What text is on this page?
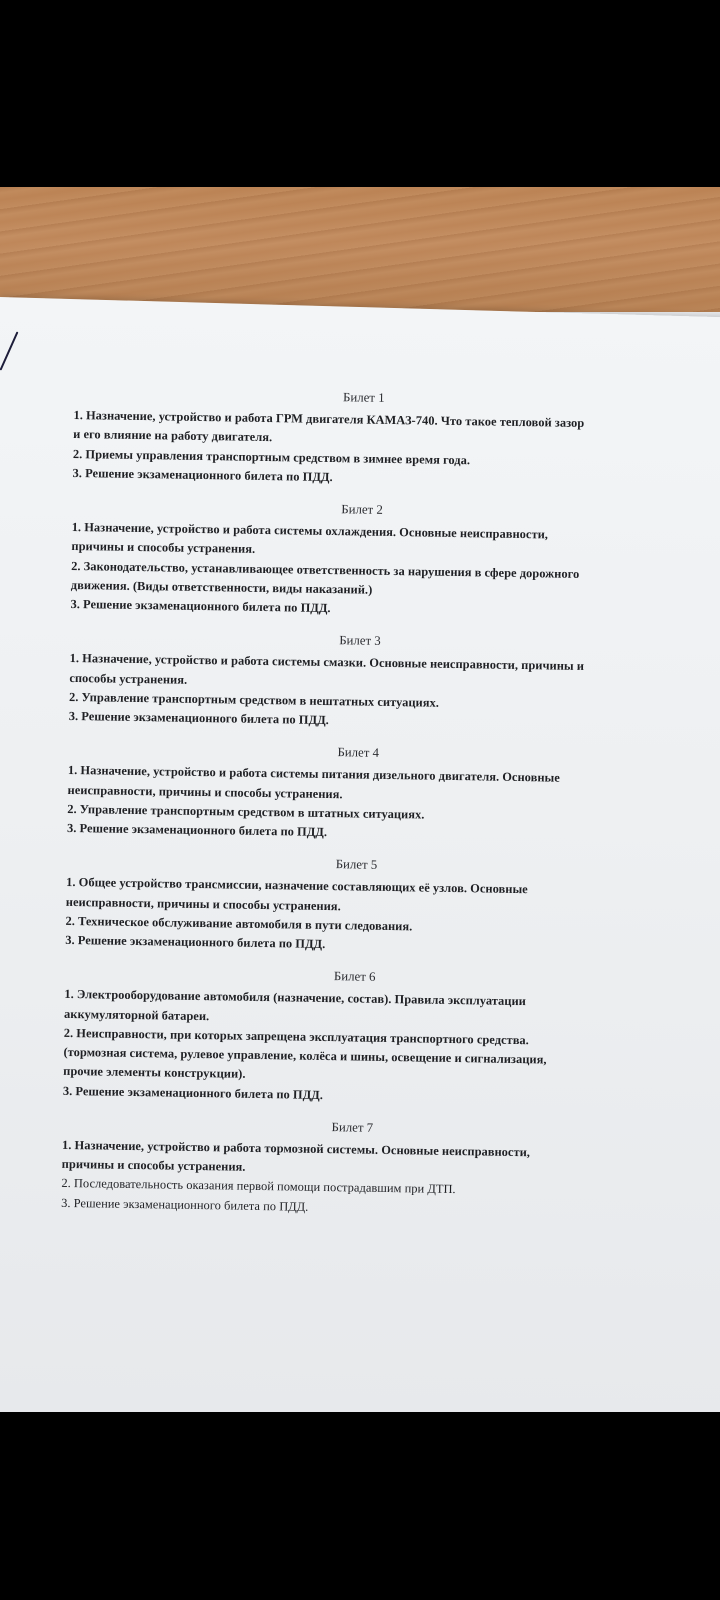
Билет 1

1. Назначение, устройство и работа ГРМ двигателя КАМАЗ-740. Что такое тепловой зазор

и его влияние на работу двигателя.

2. Приемы управления транспортным средством в зимнее время года.

3. Решение экзаменационного билета по ПДД.

Билет 2

1. Назначение, устройство и работа системы охлаждения. Основные неисправности,

причины и способы устранения.

2. Законодательство, устанавливающее ответственность за нарушения в сфере дорожного

движения. (Виды ответственности, виды наказаний.)

3. Решение экзаменационного билета по ПДД.

Билет 3

1. Назначение, устройство и работа системы смазки. Основные неисправности, причины и

способы устранения.

2. Управление транспортным средством в нештатных ситуациях.

3. Решение экзаменационного билета по ПДД.

Билет 4

1. Назначение, устройство и работа системы питания дизельного двигателя. Основные

неисправности, причины и способы устранения.

2. Управление транспортным средством в штатных ситуациях.

3. Решение экзаменационного билета по ПДД.

Билет 5

1. Общее устройство трансмиссии, назначение составляющих её узлов. Основные

неисправности, причины и способы устранения.

2. Техническое обслуживание автомобиля в пути следования.

3. Решение экзаменационного билета по ПДД.

Билет 6

1. Электрооборудование автомобиля (назначение, состав). Правила эксплуатации

аккумуляторной батареи.

2. Неисправности, при которых запрещена эксплуатация транспортного средства.

(тормозная система, рулевое управление, колёса и шины, освещение и сигнализация,

прочие элементы конструкции).

3. Решение экзаменационного билета по ПДД.

Билет 7

1. Назначение, устройство и работа тормозной системы. Основные неисправности,

причины и способы устранения.

2. Последовательность оказания первой помощи пострадавшим при ДТП.

3. Решение экзаменационного билета по ПДД.
